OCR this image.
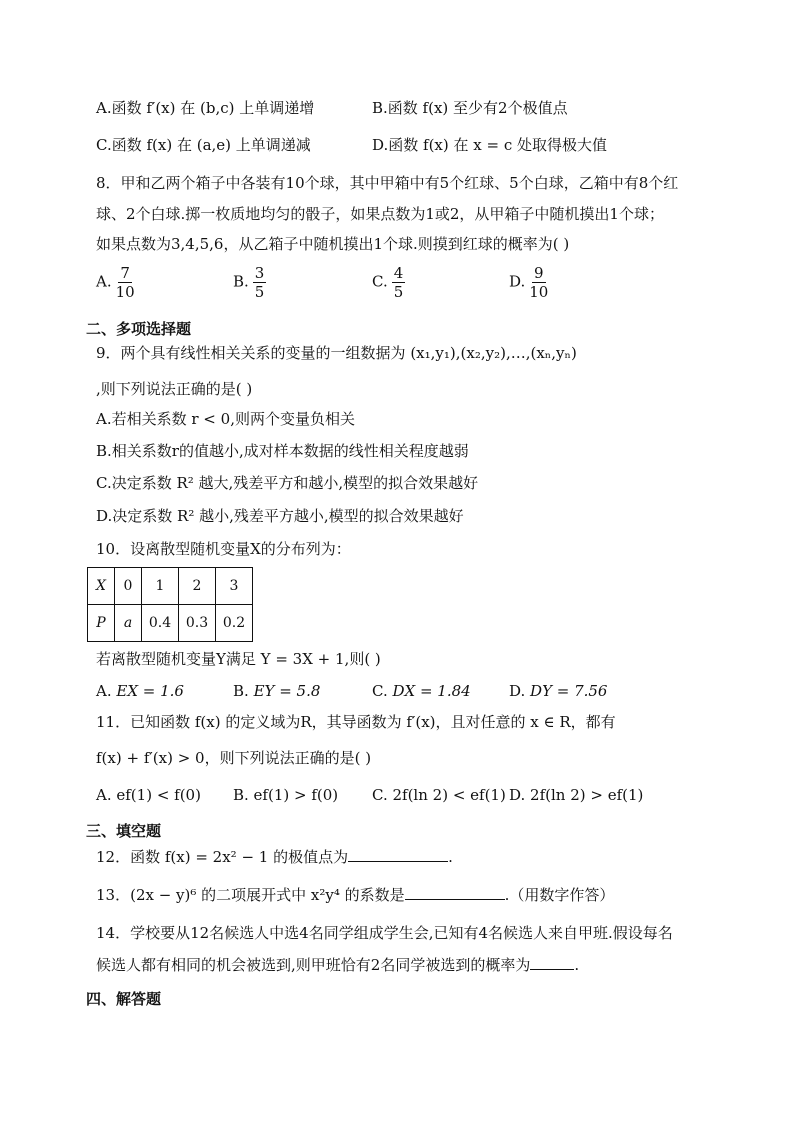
A.函数 f′(x) 在 (b,c) 上单调递增	B.函数 f(x) 至少有2个极值点
C.函数 f(x) 在 (a,e) 上单调递减	D.函数 f(x) 在 x = c 处取得极大值
8．甲和乙两个箱子中各装有10个球，其中甲箱中有5个红球、5个白球，乙箱中有8个红
球、2个白球.掷一枚质地均匀的骰子，如果点数为1或2，从甲箱子中随机摸出1个球；
如果点数为3,4,5,6，从乙箱子中随机摸出1个球.则摸到红球的概率为( )
A. $\frac{7}{10}$	B. $\frac{3}{5}$	C. $\frac{4}{5}$	D. $\frac{9}{10}$
二、多项选择题
9．两个具有线性相关关系的变量的一组数据为 (x₁,y₁),(x₂,y₂),…,(xₙ,yₙ)
,则下列说法正确的是( )
A.若相关系数 r < 0,则两个变量负相关
B.相关系数r的值越小,成对样本数据的线性相关程度越弱
C.决定系数 R² 越大,残差平方和越小,模型的拟合效果越好
D.决定系数 R² 越小,残差平方越小,模型的拟合效果越好
10．设离散型随机变量X的分布列为：
X	0	1	2	3
P	a	0.4	0.3	0.2
若离散型随机变量Y满足 Y = 3X + 1,则( )
A. EX = 1.6	B. EY = 5.8	C. DX = 1.84	D. DY = 7.56
11．已知函数 f(x) 的定义域为R，其导函数为 f′(x)，且对任意的 x ∈ R，都有
f(x) + f′(x) > 0，则下列说法正确的是( )
A. ef(1) < f(0) B. ef(1) > f(0) C. 2f(ln 2) < ef(1) D. 2f(ln 2) > ef(1)
三、填空题
12．函数 f(x) = 2x² − 1 的极值点为	.
13．(2x − y)⁶ 的二项展开式中 x²y⁴ 的系数是	.（用数字作答）
14．学校要从12名候选人中选4名同学组成学生会,已知有4名候选人来自甲班.假设每名
候选人都有相同的机会被选到,则甲班恰有2名同学被选到的概率为	.
四、解答题
